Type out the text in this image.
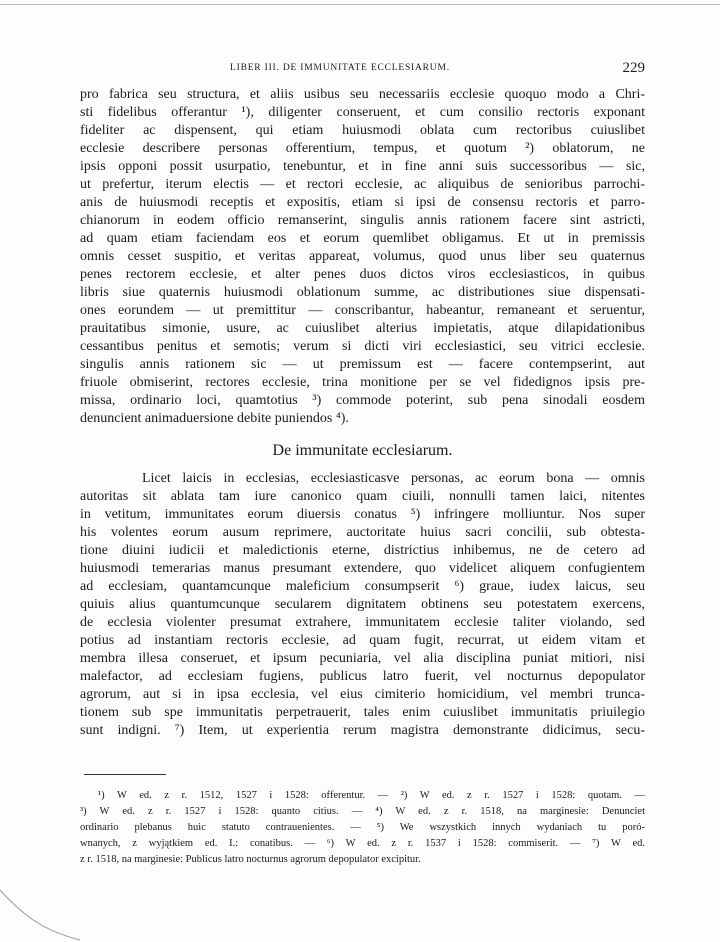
LIBER III. DE IMMUNITATE ECCLESIARUM.	229
pro fabrica seu structura, et aliis usibus seu necessariis ecclesie quoquo modo a Chri-
sti fidelibus offerantur ¹), diligenter conseruent, et cum consilio rectoris exponant
fideliter ac dispensent, qui etiam huiusmodi oblata cum rectoribus cuiuslibet
ecclesie describere personas offerentium, tempus, et quotum ²) oblatorum, ne
ipsis opponi possit usurpatio, tenebuntur, et in fine anni suis successoribus — sic,
ut prefertur, iterum electis — et rectori ecclesie, ac aliquibus de senioribus parrochi-
anis de huiusmodi receptis et expositis, etiam si ipsi de consensu rectoris et parro-
chianorum in eodem officio remanserint, singulis annis rationem facere sint astricti,
ad quam etiam faciendam eos et eorum quemlibet obligamus. Et ut in premissis
omnis cesset suspitio, et veritas appareat, volumus, quod unus liber seu quaternus
penes rectorem ecclesie, et alter penes duos dictos viros ecclesiasticos, in quibus
libris siue quaternis huiusmodi oblationum summe, ac distributiones siue dispensati-
ones eorundem — ut premittitur — conscribantur, habeantur, remaneant et seruentur,
prauitatibus simonie, usure, ac cuiuslibet alterius impietatis, atque dilapidationibus
cessantibus penitus et semotis; verum si dicti viri ecclesiastici, seu vitrici ecclesie.
singulis annis rationem sic — ut premissum est — facere contempserint, aut
friuole obmiserint, rectores ecclesie, trina monitione per se vel fidedignos ipsis pre-
missa, ordinario loci, quamtotius ³) commode poterint, sub pena sinodali eosdem
denuncient animaduersione debite puniendos ⁴).
De immunitate ecclesiarum.
Licet laicis in ecclesias, ecclesiasticasve personas, ac eorum bona — omnis
autoritas sit ablata tam iure canonico quam ciuili, nonnulli tamen laici, nitentes
in vetitum, immunitates eorum diuersis conatus ⁵) infringere molliuntur. Nos super
his volentes eorum ausum reprimere, auctoritate huius sacri concilii, sub obtesta-
tione diuini iudicii et maledictionis eterne, districtius inhibemus, ne de cetero ad
huiusmodi temerarias manus presumant extendere, quo videlicet aliquem confugientem
ad ecclesiam, quantamcunque maleficium consumpserit ⁶) graue, iudex laicus, seu
quiuis alius quantumcunque secularem dignitatem obtinens seu potestatem exercens,
de ecclesia violenter presumat extrahere, immunitatem ecclesie taliter violando, sed
potius ad instantiam rectoris ecclesie, ad quam fugit, recurrat, ut eidem vitam et
membra illesa conseruet, et ipsum pecuniaria, vel alia disciplina puniat mitiori, nisi
malefactor, ad ecclesiam fugiens, publicus latro fuerit, vel nocturnus depopulator
agrorum, aut si in ipsa ecclesia, vel eius cimiterio homicidium, vel membri trunca-
tionem sub spe immunitatis perpetrauerit, tales enim cuiuslibet immunitatis priuilegio
sunt indigni. ⁷) Item, ut experientia rerum magistra demonstrante didicimus, secu-
¹) W ed. z r. 1512, 1527 i 1528: offerentur. — ²) W ed. z r. 1527 i 1528: quotam. —
³) W ed. z r. 1527 i 1528: quanto citius. — ⁴) W ed. z r. 1518, na marginesie: Denunciet
ordinario plebanus huic statuto contrauenientes. — ⁵) We wszystkich innych wydaniach tu poró-
wnanych, z wyjątkiem ed. I.: conatibus. — ⁶) W ed. z r. 1537 i 1528: commiserit. — ⁷) W ed.
z r. 1518, na marginesie: Publicus latro nocturnus agrorum depopulator excipitur.
